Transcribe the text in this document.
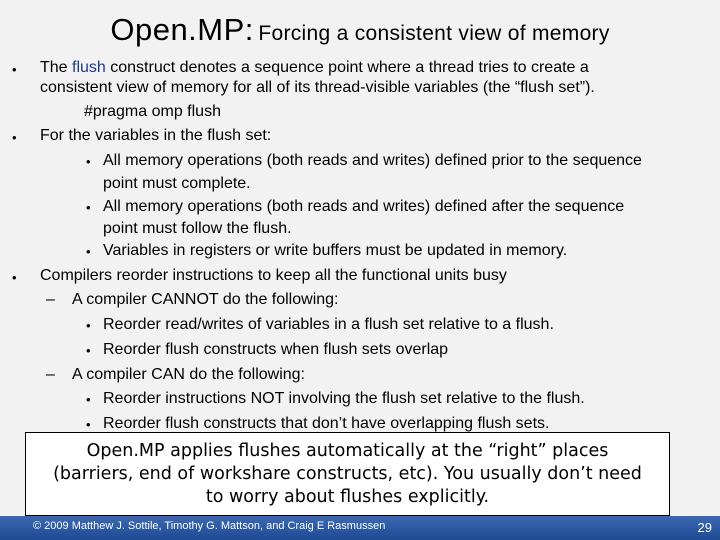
Open.MP: Forcing a consistent view of memory
• The flush construct denotes a sequence point where a thread tries to create a
consistent view of memory for all of its thread-visible variables (the “flush set”).
#pragma omp flush
• For the variables in the flush set:
• All memory operations (both reads and writes) defined prior to the sequence
point must complete.
• All memory operations (both reads and writes) defined after the sequence
point must follow the flush.
• Variables in registers or write buffers must be updated in memory.
• Compilers reorder instructions to keep all the functional units busy
– A compiler CANNOT do the following:
• Reorder read/writes of variables in a flush set relative to a flush.
• Reorder flush constructs when flush sets overlap
– A compiler CAN do the following:
• Reorder instructions NOT involving the flush set relative to the flush.
• Reorder flush constructs that don’t have overlapping flush sets.
Open.MP applies flushes automatically at the “right” places
(barriers, end of workshare constructs, etc). You usually don’t need
to worry about flushes explicitly.
© 2009 Matthew J. Sottile, Timothy G. Mattson, and Craig E Rasmussen	29
